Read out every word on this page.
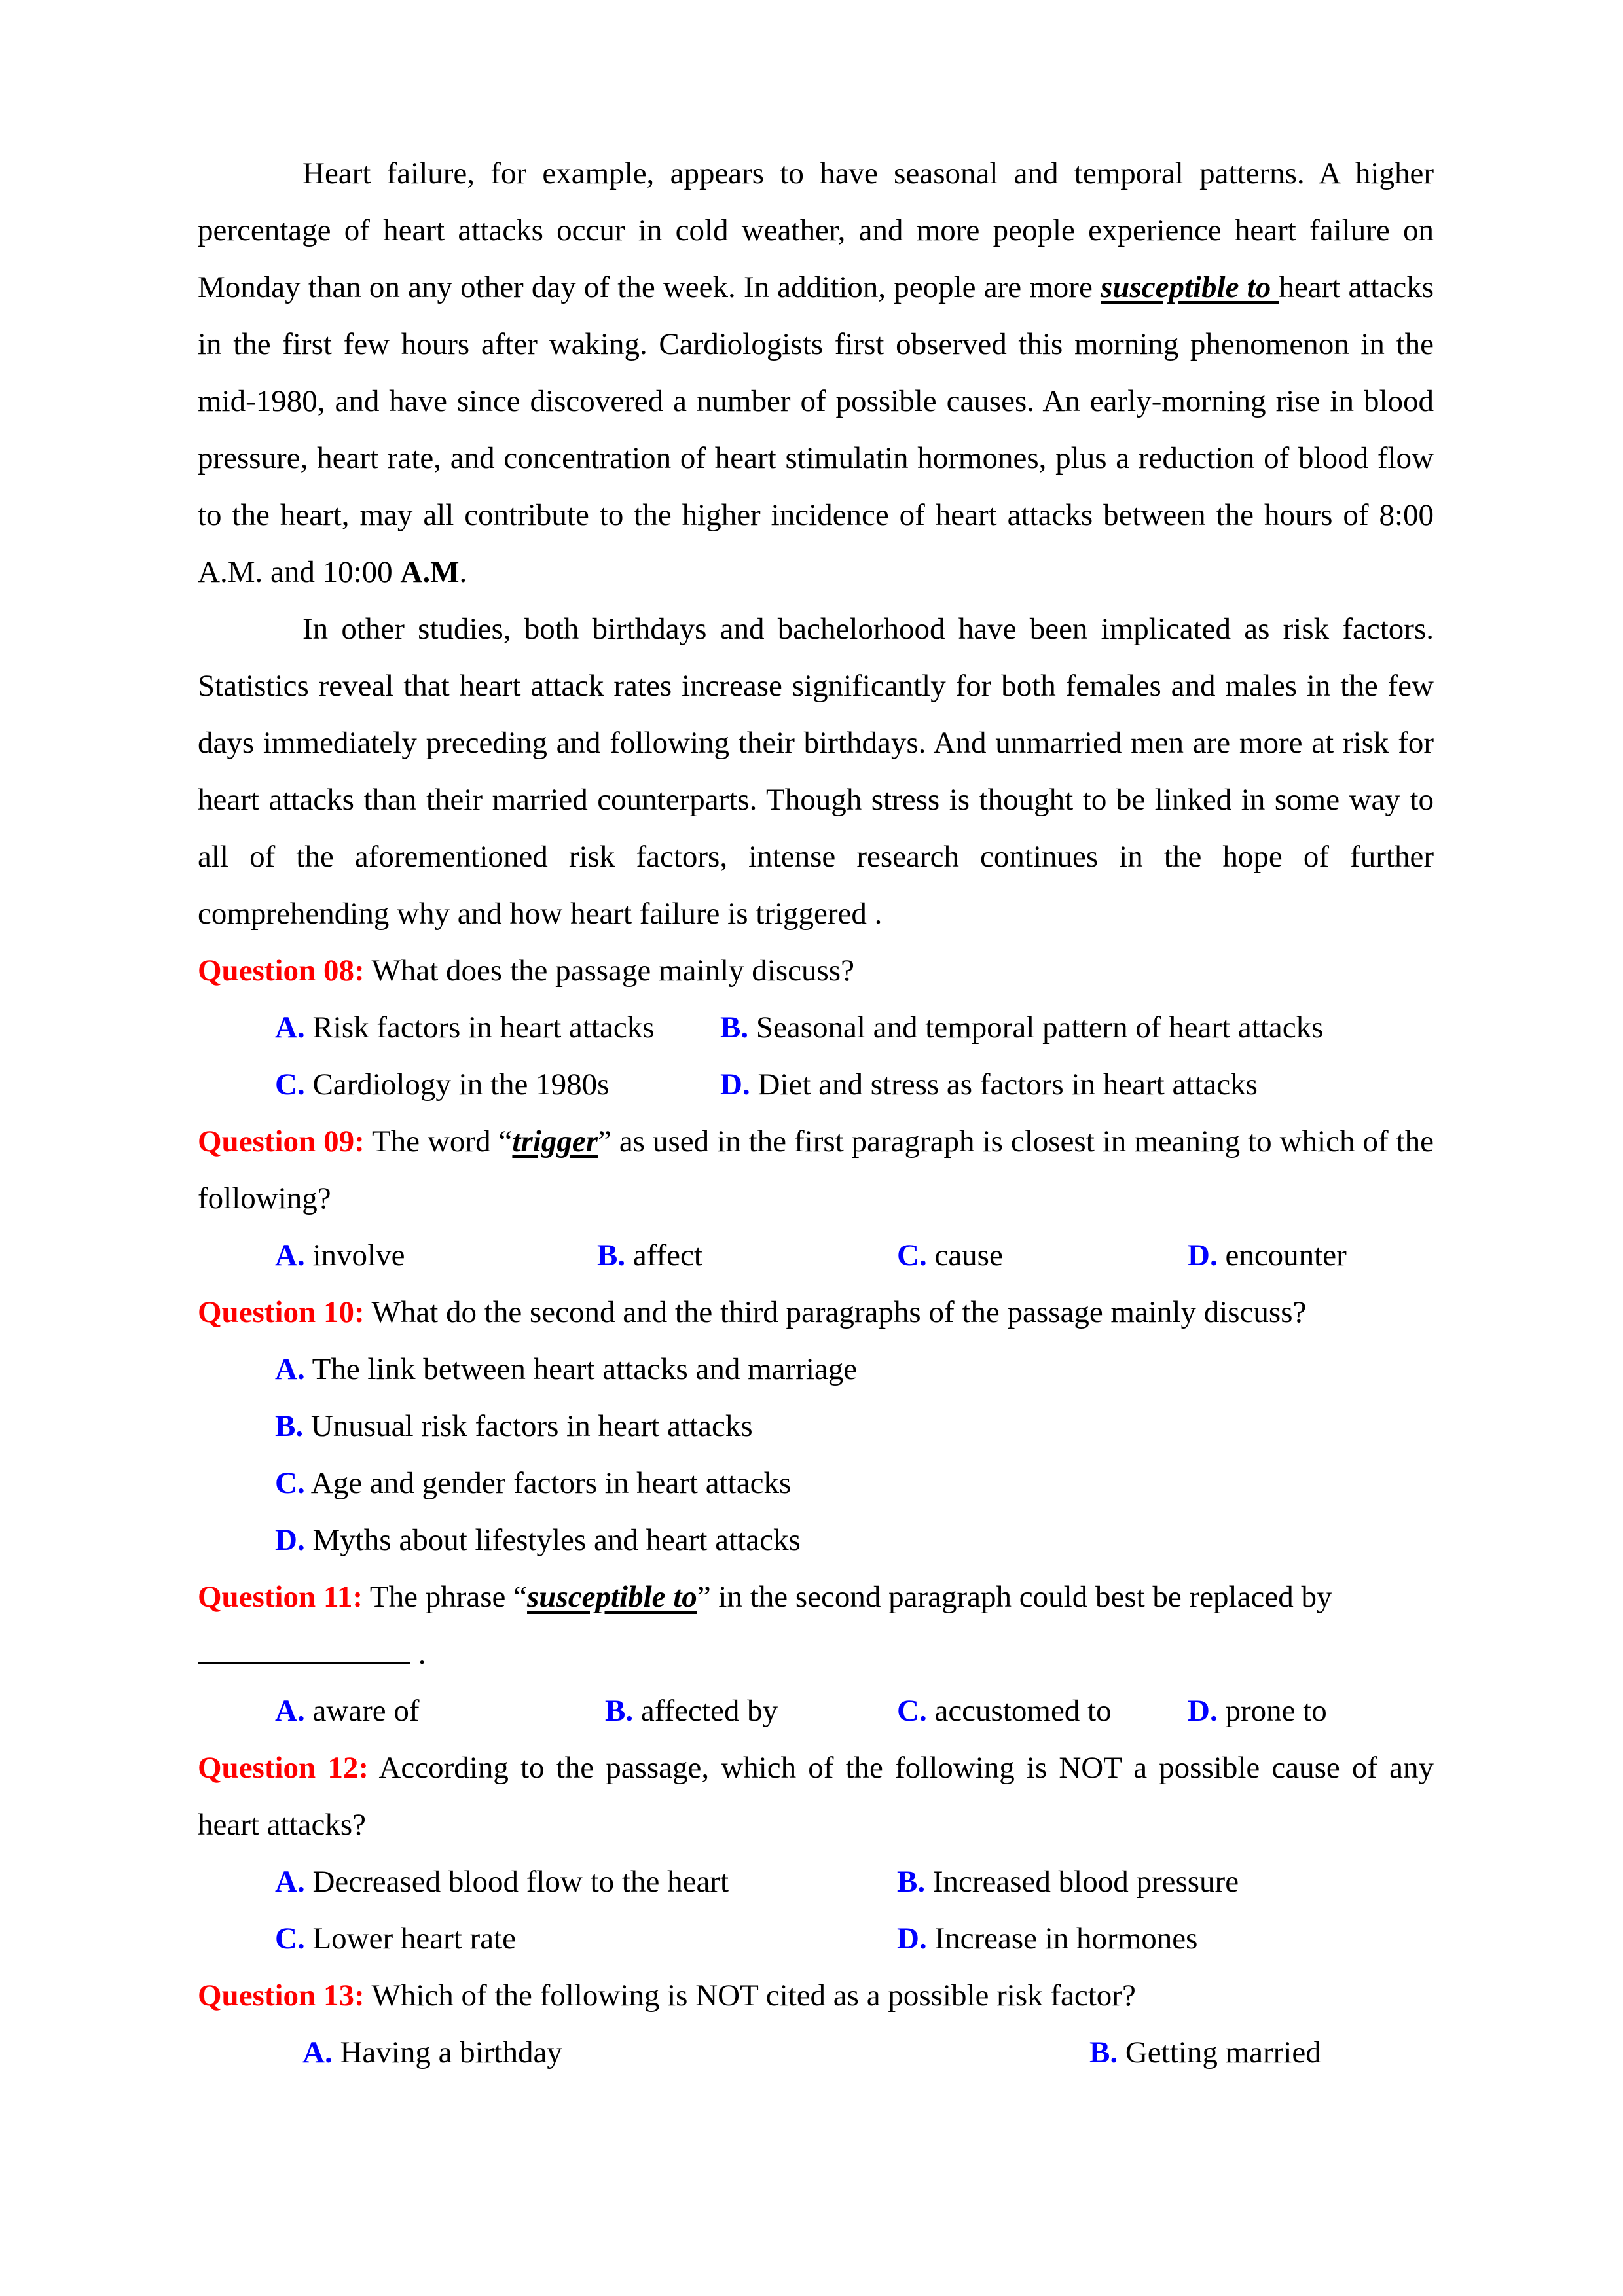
Heart failure, for example, appears to have seasonal and temporal patterns. A higher percentage of heart attacks occur in cold weather, and more people experience heart failure on Monday than on any other day of the week. In addition, people are more susceptible to heart attacks in the first few hours after waking. Cardiologists first observed this morning phenomenon in the mid-1980, and have since discovered a number of possible causes. An early-morning rise in blood pressure, heart rate, and concentration of heart stimulatin hormones, plus a reduction of blood flow to the heart, may all contribute to the higher incidence of heart attacks between the hours of 8:00 A.M. and 10:00 A.M.

In other studies, both birthdays and bachelorhood have been implicated as risk factors. Statistics reveal that heart attack rates increase significantly for both females and males in the few days immediately preceding and following their birthdays. And unmarried men are more at risk for heart attacks than their married counterparts. Though stress is thought to be linked in some way to all of the aforementioned risk factors, intense research continues in the hope of further comprehending why and how heart failure is triggered .

Question 08: What does the passage mainly discuss?

A. Risk factors in heart attacks B. Seasonal and temporal pattern of heart attacks
C. Cardiology in the 1980s	D. Diet and stress as factors in heart attacks

Question 09: The word “trigger” as used in the first paragraph is closest in meaning to which of the following?

A. involve	B. affect	C. cause	D. encounter

Question 10: What do the second and the third paragraphs of the passage mainly discuss?

A. The link between heart attacks and marriage
B. Unusual risk factors in heart attacks
C. Age and gender factors in heart attacks
D. Myths about lifestyles and heart attacks

Question 11: The phrase “susceptible to” in the second paragraph could best be replaced by

.

A. aware of	B. affected by	C. accustomed to D. prone to

Question 12: According to the passage, which of the following is NOT a possible cause of any heart attacks?

A. Decreased blood flow to the heart	B. Increased blood pressure
C. Lower heart rate	D. Increase in hormones

Question 13: Which of the following is NOT cited as a possible risk factor?

A. Having a birthday	B. Getting married
